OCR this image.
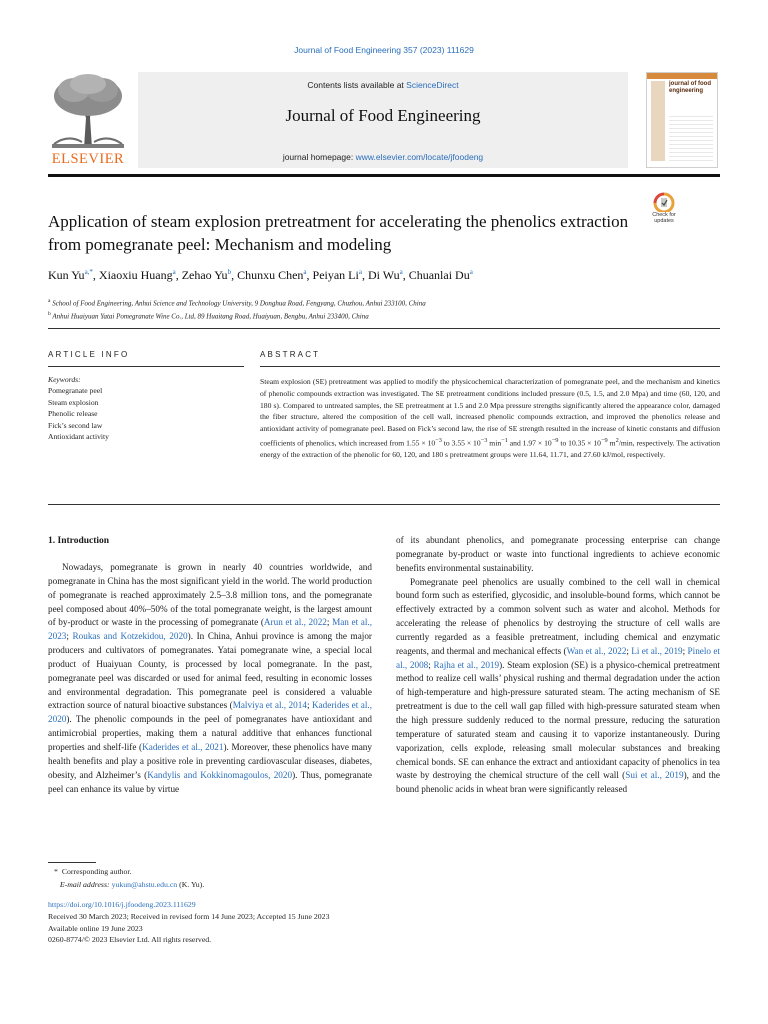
Journal of Food Engineering 357 (2023) 111629
ELSEVIER
Contents lists available at ScienceDirect
Journal of Food Engineering
journal homepage: www.elsevier.com/locate/jfoodeng
journal of food engineering
Check for updates
Application of steam explosion pretreatment for accelerating the phenolics extraction from pomegranate peel: Mechanism and modeling
Kun $Yu^{a,*}$, Xiaoxiu Huang$^a$, Zehao Yu$^b$, Chunxu Chen$^a$, Peiyan Li$^a$, Di Wu$^a$, Chuanlai Du$^a$
$^a$ School of Food Engineering, Anhui Science and Technology University, 9 Donghua Road, Fengyang, Chuzhou, Anhui 233100, China
$^b$ Anhui Huaiyuan Yatai Pomegranate Wine Co., Ltd, 89 Huaitang Road, Huaiyuan, Bengbu, Anhui 233400, China
ARTICLE INFO	ABSTRACT
Keywords:
Pomegranate peel
Steam explosion
Phenolic release
Fick’s second law
Antioxidant activity
Steam explosion (SE) pretreatment was applied to modify the physicochemical characterization of pomegranate peel, and the mechanism and kinetics of phenolic compounds extraction was investigated. The SE pretreatment conditions included pressure (0.5, 1.5, and 2.0 Mpa) and time (60, 120, and 180 s). Compared to untreated samples, the SE pretreatment at 1.5 and 2.0 Mpa pressure strengths significantly altered the appearance color, damaged the fiber structure, altered the composition of the cell wall, increased phenolic compounds extraction, and improved the phenolics release and antioxidant activity of pomegranate peel. Based on Fick’s second law, the rise of SE strength resulted in the increase of kinetic constants and diffusion coefficients of phenolics, which increased from $1.55 \times 10^{-3}$ to $3.55 \times 10^{-3}$ $\min^{-1}$ and $1.97 \times 10^{-9}$ to $10.35 \times 10^{-9}$ $m^2/\min$, respectively. The activation energy of the extraction of the phenolic for 60, 120, and 180 s pretreatment groups were 11.64, 11.71, and 27.60 kJ/mol, respectively.
1. Introduction

Nowadays, pomegranate is grown in nearly 40 countries worldwide, and pomegranate in China has the most significant yield in the world. The world production of pomegranate is reached approximately 2.5–3.8 million tons, and the pomegranate peel composed about 40%–50% of the total pomegranate weight, is the largest amount of by-product or waste in the processing of pomegranate (Arun et al., 2022; Man et al., 2023; Roukas and Kotzekidou, 2020). In China, Anhui province is among the major producers and cultivators of pomegranates. Yatai pomegranate wine, a special local product of Huaiyuan County, is processed by local pomegranate. In the past, pomegranate peel was discarded or used for animal feed, resulting in economic losses and environmental degradation. This pomegranate peel is considered a valuable extraction source of natural bioactive substances (Malviya et al., 2014; Kaderides et al., 2020). The phenolic compounds in the peel of pomegranates have antioxidant and antimicrobial properties, making them a natural additive that enhances functional properties and shelf-life (Kaderides et al., 2021). Moreover, these phenolics have many health benefits and play a positive role in preventing cardiovascular diseases, diabetes, obesity, and Alzheimer’s (Kandylis and Kokkinomagoulos, 2020). Thus, pomegranate peel can enhance its value by virtue

of its abundant phenolics, and pomegranate processing enterprise can change pomegranate by-product or waste into functional ingredients to achieve economic benefits environmental sustainability.

Pomegranate peel phenolics are usually combined to the cell wall in chemical bound form such as esterified, glycosidic, and insoluble-bound forms, which cannot be effectively extracted by a common solvent such as water and alcohol. Methods for accelerating the release of phenolics by destroying the structure of cell walls are currently regarded as a feasible pretreatment, including chemical and enzymatic reagents, and thermal and mechanical effects (Wan et al., 2022; Li et al., 2019; Pinelo et al., 2008; Rajha et al., 2019). Steam explosion (SE) is a physico-chemical pretreatment method to realize cell walls’ physical rushing and thermal degradation under the action of high-temperature and high-pressure saturated steam. The acting mechanism of SE pretreatment is due to the cell wall gap filled with high-pressure saturated steam when the high pressure suddenly reduced to the normal pressure, reducing the saturation temperature of saturated steam and causing it to vaporize instantaneously. During vaporization, cells explode, releasing small molecular substances and breaking chemical bonds. SE can enhance the extract and antioxidant capacity of phenolics in tea waste by destroying the chemical structure of the cell wall (Sui et al., 2019), and the bound phenolic acids in wheat bran were significantly released

* Corresponding author.
E-mail address: yukun@ahstu.edu.cn (K. Yu).
https://doi.org/10.1016/j.jfoodeng.2023.111629
Received 30 March 2023; Received in revised form 14 June 2023; Accepted 15 June 2023
Available online 19 June 2023
0260-8774/© 2023 Elsevier Ltd. All rights reserved.
